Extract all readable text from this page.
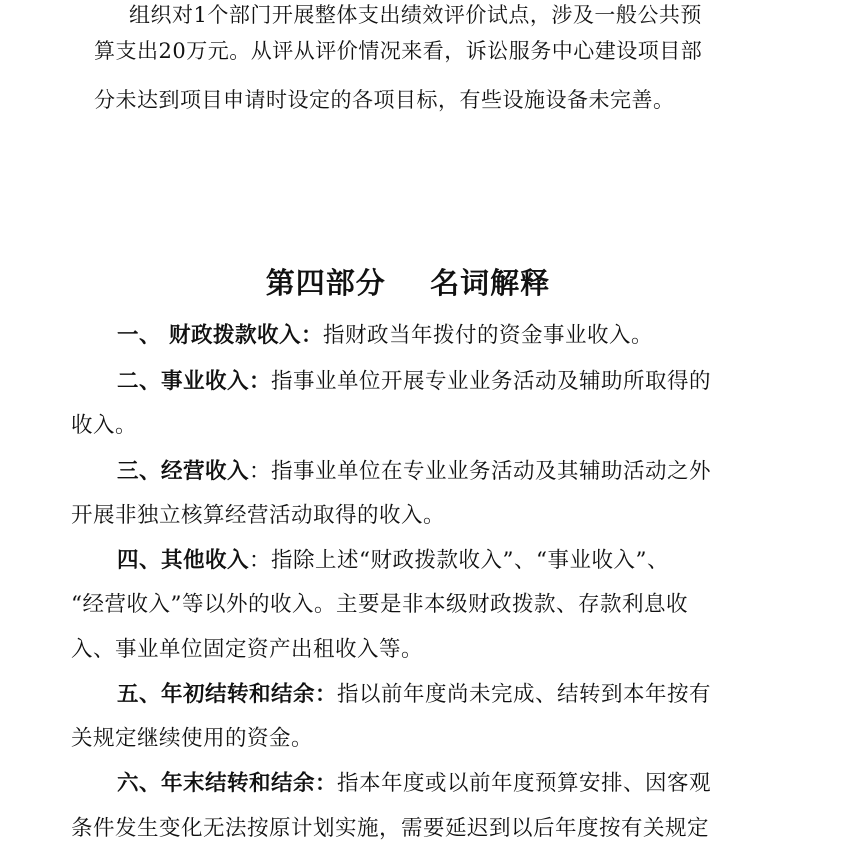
组织对1个部门开展整体支出绩效评价试点，涉及一般公共预
算支出20万元。从评从评价情况来看，诉讼服务中心建设项目部
分未达到项目申请时设定的各项目标，有些设施设备未完善。
第四部分    名词解释
一、 财政拨款收入：指财政当年拨付的资金事业收入。
二、事业收入：指事业单位开展专业业务活动及辅助所取得的
收入。
三、经营收入：指事业单位在专业业务活动及其辅助活动之外
开展非独立核算经营活动取得的收入。
四、其他收入：指除上述“财政拨款收入”、“事业收入”、
“经营收入”等以外的收入。主要是非本级财政拨款、存款利息收
入、事业单位固定资产出租收入等。
五、年初结转和结余：指以前年度尚未完成、结转到本年按有
关规定继续使用的资金。
六、年末结转和结余：指本年度或以前年度预算安排、因客观
条件发生变化无法按原计划实施，需要延迟到以后年度按有关规定
